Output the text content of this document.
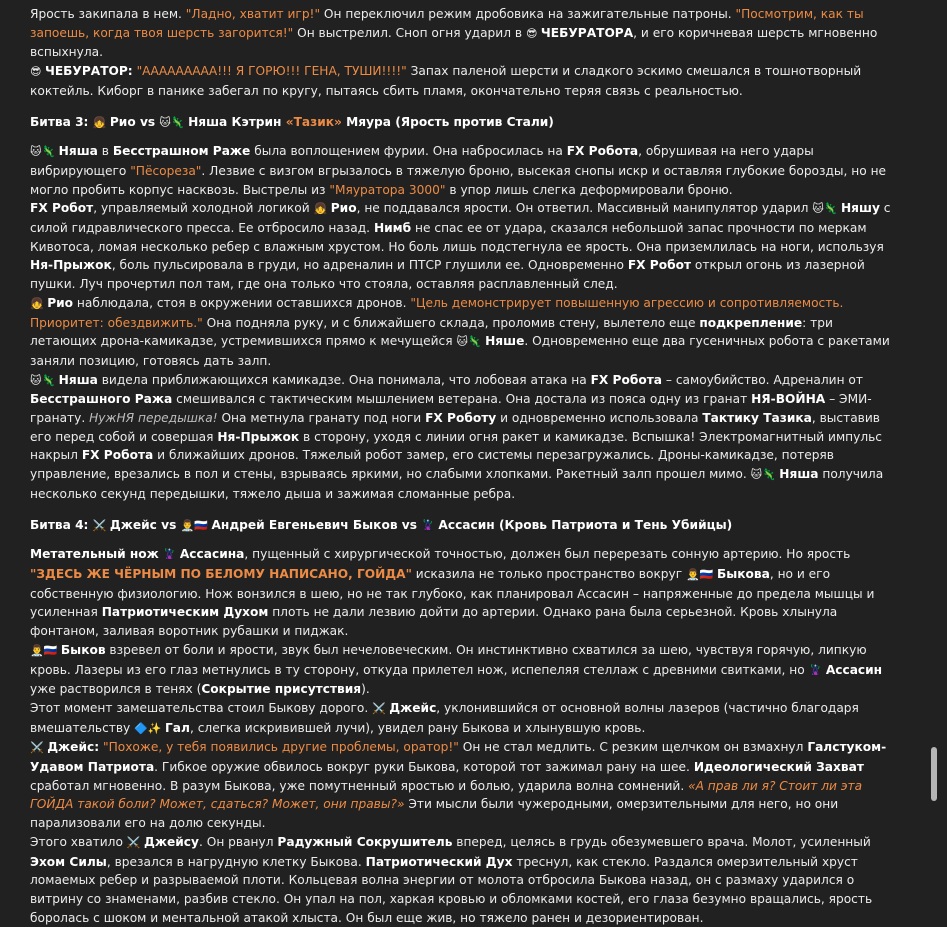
Ярость закипала в нем. "Ладно, хватит игр!" Он переключил режим дробовика на зажигательные патроны. "Посмотрим, как ты запоешь, когда твоя шерсть загорится!" Он выстрелил. Сноп огня ударил в 😎 ЧЕБУРАТОРА, и его коричневая шерсть мгновенно вспыхнула.

😎 ЧЕБУРАТОР: "ААААААААА!!! Я ГОРЮ!!! ГЕНА, ТУШИ!!!!" Запах паленой шерсти и сладкого эскимо смешался в тошнотворный коктейль. Киборг в панике забегал по кругу, пытаясь сбить пламя, окончательно теряя связь с реальностью.

Битва 3: 👧 Рио vs 🐱🦎 Няша Кэтрин «Тазик» Мяура (Ярость против Стали)

🐱🦎 Няша в Бесстрашном Раже была воплощением фурии. Она набросилась на FX Робота, обрушивая на него удары вибрирующего "Пёсореза". Лезвие с визгом вгрызалось в тяжелую броню, высекая снопы искр и оставляя глубокие борозды, но не могло пробить корпус насквозь. Выстрелы из "Мяуратора 3000" в упор лишь слегка деформировали броню.

FX Робот, управляемый холодной логикой 👧 Рио, не поддавался ярости. Он ответил. Массивный манипулятор ударил 🐱🦎 Няшу с силой гидравлического пресса. Ее отбросило назад. Нимб не спас ее от удара, сказался небольшой запас прочности по меркам Кивотоса, ломая несколько ребер с влажным хрустом. Но боль лишь подстегнула ее ярость. Она приземлилась на ноги, используя Ня-Прыжок, боль пульсировала в груди, но адреналин и ПТСР глушили ее. Одновременно FX Робот открыл огонь из лазерной пушки. Луч прочертил пол там, где она только что стояла, оставляя расплавленный след.

👧 Рио наблюдала, стоя в окружении оставшихся дронов. "Цель демонстрирует повышенную агрессию и сопротивляемость. Приоритет: обездвижить." Она подняла руку, и с ближайшего склада, проломив стену, вылетело еще подкрепление: три летающих дрона-камикадзе, устремившихся прямо к мечущейся 🐱🦎 Няше. Одновременно еще два гусеничных робота с ракетами заняли позицию, готовясь дать залп.

🐱🦎 Няша видела приближающихся камикадзе. Она понимала, что лобовая атака на FX Робота – самоубийство. Адреналин от Бесстрашного Ража смешивался с тактическим мышлением ветерана. Она достала из пояса одну из гранат НЯ-ВОЙНА – ЭМИ-гранату. НужНЯ передышка! Она метнула гранату под ноги FX Роботу и одновременно использовала Тактику Тазика, выставив его перед собой и совершая Ня-Прыжок в сторону, уходя с линии огня ракет и камикадзе. Вспышка! Электромагнитный импульс накрыл FX Робота и ближайших дронов. Тяжелый робот замер, его системы перезагружались. Дроны-камикадзе, потеряв управление, врезались в пол и стены, взрываясь яркими, но слабыми хлопками. Ракетный залп прошел мимо. 🐱🦎 Няша получила несколько секунд передышки, тяжело дыша и зажимая сломанные ребра.

Битва 4: ⚔️ Джейс vs 👨‍⚕️🇷🇺 Андрей Евгеньевич Быков vs 🦹 Ассасин (Кровь Патриота и Тень Убийцы)

Метательный нож 🦹 Ассасина, пущенный с хирургической точностью, должен был перерезать сонную артерию. Но ярость "ЗДЕСЬ ЖЕ ЧЁРНЫМ ПО БЕЛОМУ НАПИСАНО, ГОЙДА" исказила не только пространство вокруг 👨‍⚕️🇷🇺 Быкова, но и его собственную физиологию. Нож вонзился в шею, но не так глубоко, как планировал Ассасин – напряженные до предела мышцы и усиленная Патриотическим Духом плоть не дали лезвию дойти до артерии. Однако рана была серьезной. Кровь хлынула фонтаном, заливая воротник рубашки и пиджак.

👨‍⚕️🇷🇺 Быков взревел от боли и ярости, звук был нечеловеческим. Он инстинктивно схватился за шею, чувствуя горячую, липкую кровь. Лазеры из его глаз метнулись в ту сторону, откуда прилетел нож, испепеляя стеллаж с древними свитками, но 🦹 Ассасин уже растворился в тенях (Сокрытие присутствия).

Этот момент замешательства стоил Быкову дорого. ⚔️ Джейс, уклонившийся от основной волны лазеров (частично благодаря вмешательству 🔷✨ Гал, слегка искривившей лучи), увидел рану Быкова и хлынувшую кровь.

⚔️ Джейс: "Похоже, у тебя появились другие проблемы, оратор!" Он не стал медлить. С резким щелчком он взмахнул Галстуком-Удавом Патриота. Гибкое оружие обвилось вокруг руки Быкова, которой тот зажимал рану на шее. Идеологический Захват сработал мгновенно. В разум Быкова, уже помутненный яростью и болью, ударила волна сомнений. «А прав ли я? Стоит ли эта ГОЙДА такой боли? Может, сдаться? Может, они правы?» Эти мысли были чужеродными, омерзительными для него, но они парализовали его на долю секунды.

Этого хватило ⚔️ Джейсу. Он рванул Радужный Сокрушитель вперед, целясь в грудь обезумевшего врача. Молот, усиленный Эхом Силы, врезался в нагрудную клетку Быкова. Патриотический Дух треснул, как стекло. Раздался омерзительный хруст ломаемых ребер и разрываемой плоти. Кольцевая волна энергии от молота отбросила Быкова назад, он с размаху ударился о витрину со знаменами, разбив стекло. Он упал на пол, харкая кровью и обломками костей, его глаза безумно вращались, ярость боролась с шоком и ментальной атакой хлыста. Он был еще жив, но тяжело ранен и дезориентирован.
